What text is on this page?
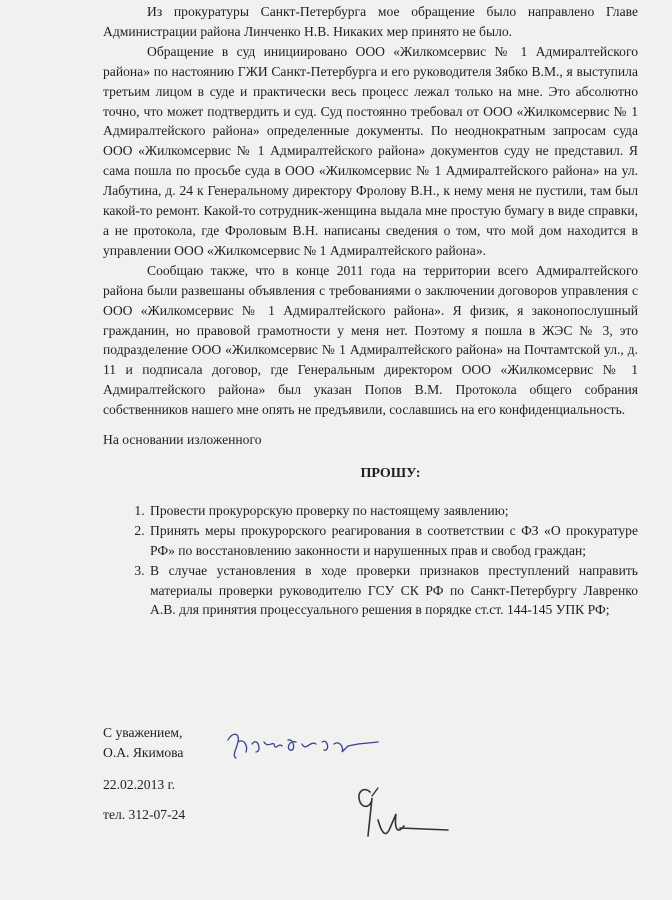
Из прокуратуры Санкт-Петербурга мое обращение было направлено Главе Администрации района Линченко Н.В. Никаких мер принято не было.

Обращение в суд инициировано ООО «Жилкомсервис № 1 Адмиралтейского района» по настоянию ГЖИ Санкт-Петербурга и его руководителя Зябко В.М., я выступила третьим лицом в суде и практически весь процесс лежал только на мне. Это абсолютно точно, что может подтвердить и суд. Суд постоянно требовал от ООО «Жилкомсервис № 1 Адмиралтейского района» определенные документы. По неоднократным запросам суда ООО «Жилкомсервис № 1 Адмиралтейского района» документов суду не представил. Я сама пошла по просьбе суда в ООО «Жилкомсервис № 1 Адмиралтейского района» на ул. Лабутина, д. 24 к Генеральному директору Фролову В.Н., к нему меня не пустили, там был какой-то ремонт. Какой-то сотрудник-женщина выдала мне простую бумагу в виде справки, а не протокола, где Фроловым В.Н. написаны сведения о том, что мой дом находится в управлении ООО «Жилкомсервис № 1 Адмиралтейского района».

Сообщаю также, что в конце 2011 года на территории всего Адмиралтейского района были развешаны объявления с требованиями о заключении договоров управления с ООО «Жилкомсервис № 1 Адмиралтейского района». Я физик, я законопослушный гражданин, но правовой грамотности у меня нет. Поэтому я пошла в ЖЭС № 3, это подразделение ООО «Жилкомсервис № 1 Адмиралтейского района» на Почтамтской ул., д. 11 и подписала договор, где Генеральным директором ООО «Жилкомсервис № 1 Адмиралтейского района» был указан Попов В.М. Протокола общего собрания собственников нашего мне опять не предъявили, сославшись на его конфиденциальность.

На основании изложенного

ПРОШУ:
1. Провести прокурорскую проверку по настоящему заявлению;
2. Принять меры прокурорского реагирования в соответствии с ФЗ «О прокуратуре РФ» по восстановлению законности и нарушенных прав и свобод граждан;
3. В случае установления в ходе проверки признаков преступлений направить материалы проверки руководителю ГСУ СК РФ по Санкт-Петербургу Лавренко А.В. для принятия процессуального решения в порядке ст.ст. 144-145 УПК РФ;
С уважением,
О.А. Якимова
22.02.2013 г.
тел. 312-07-24
